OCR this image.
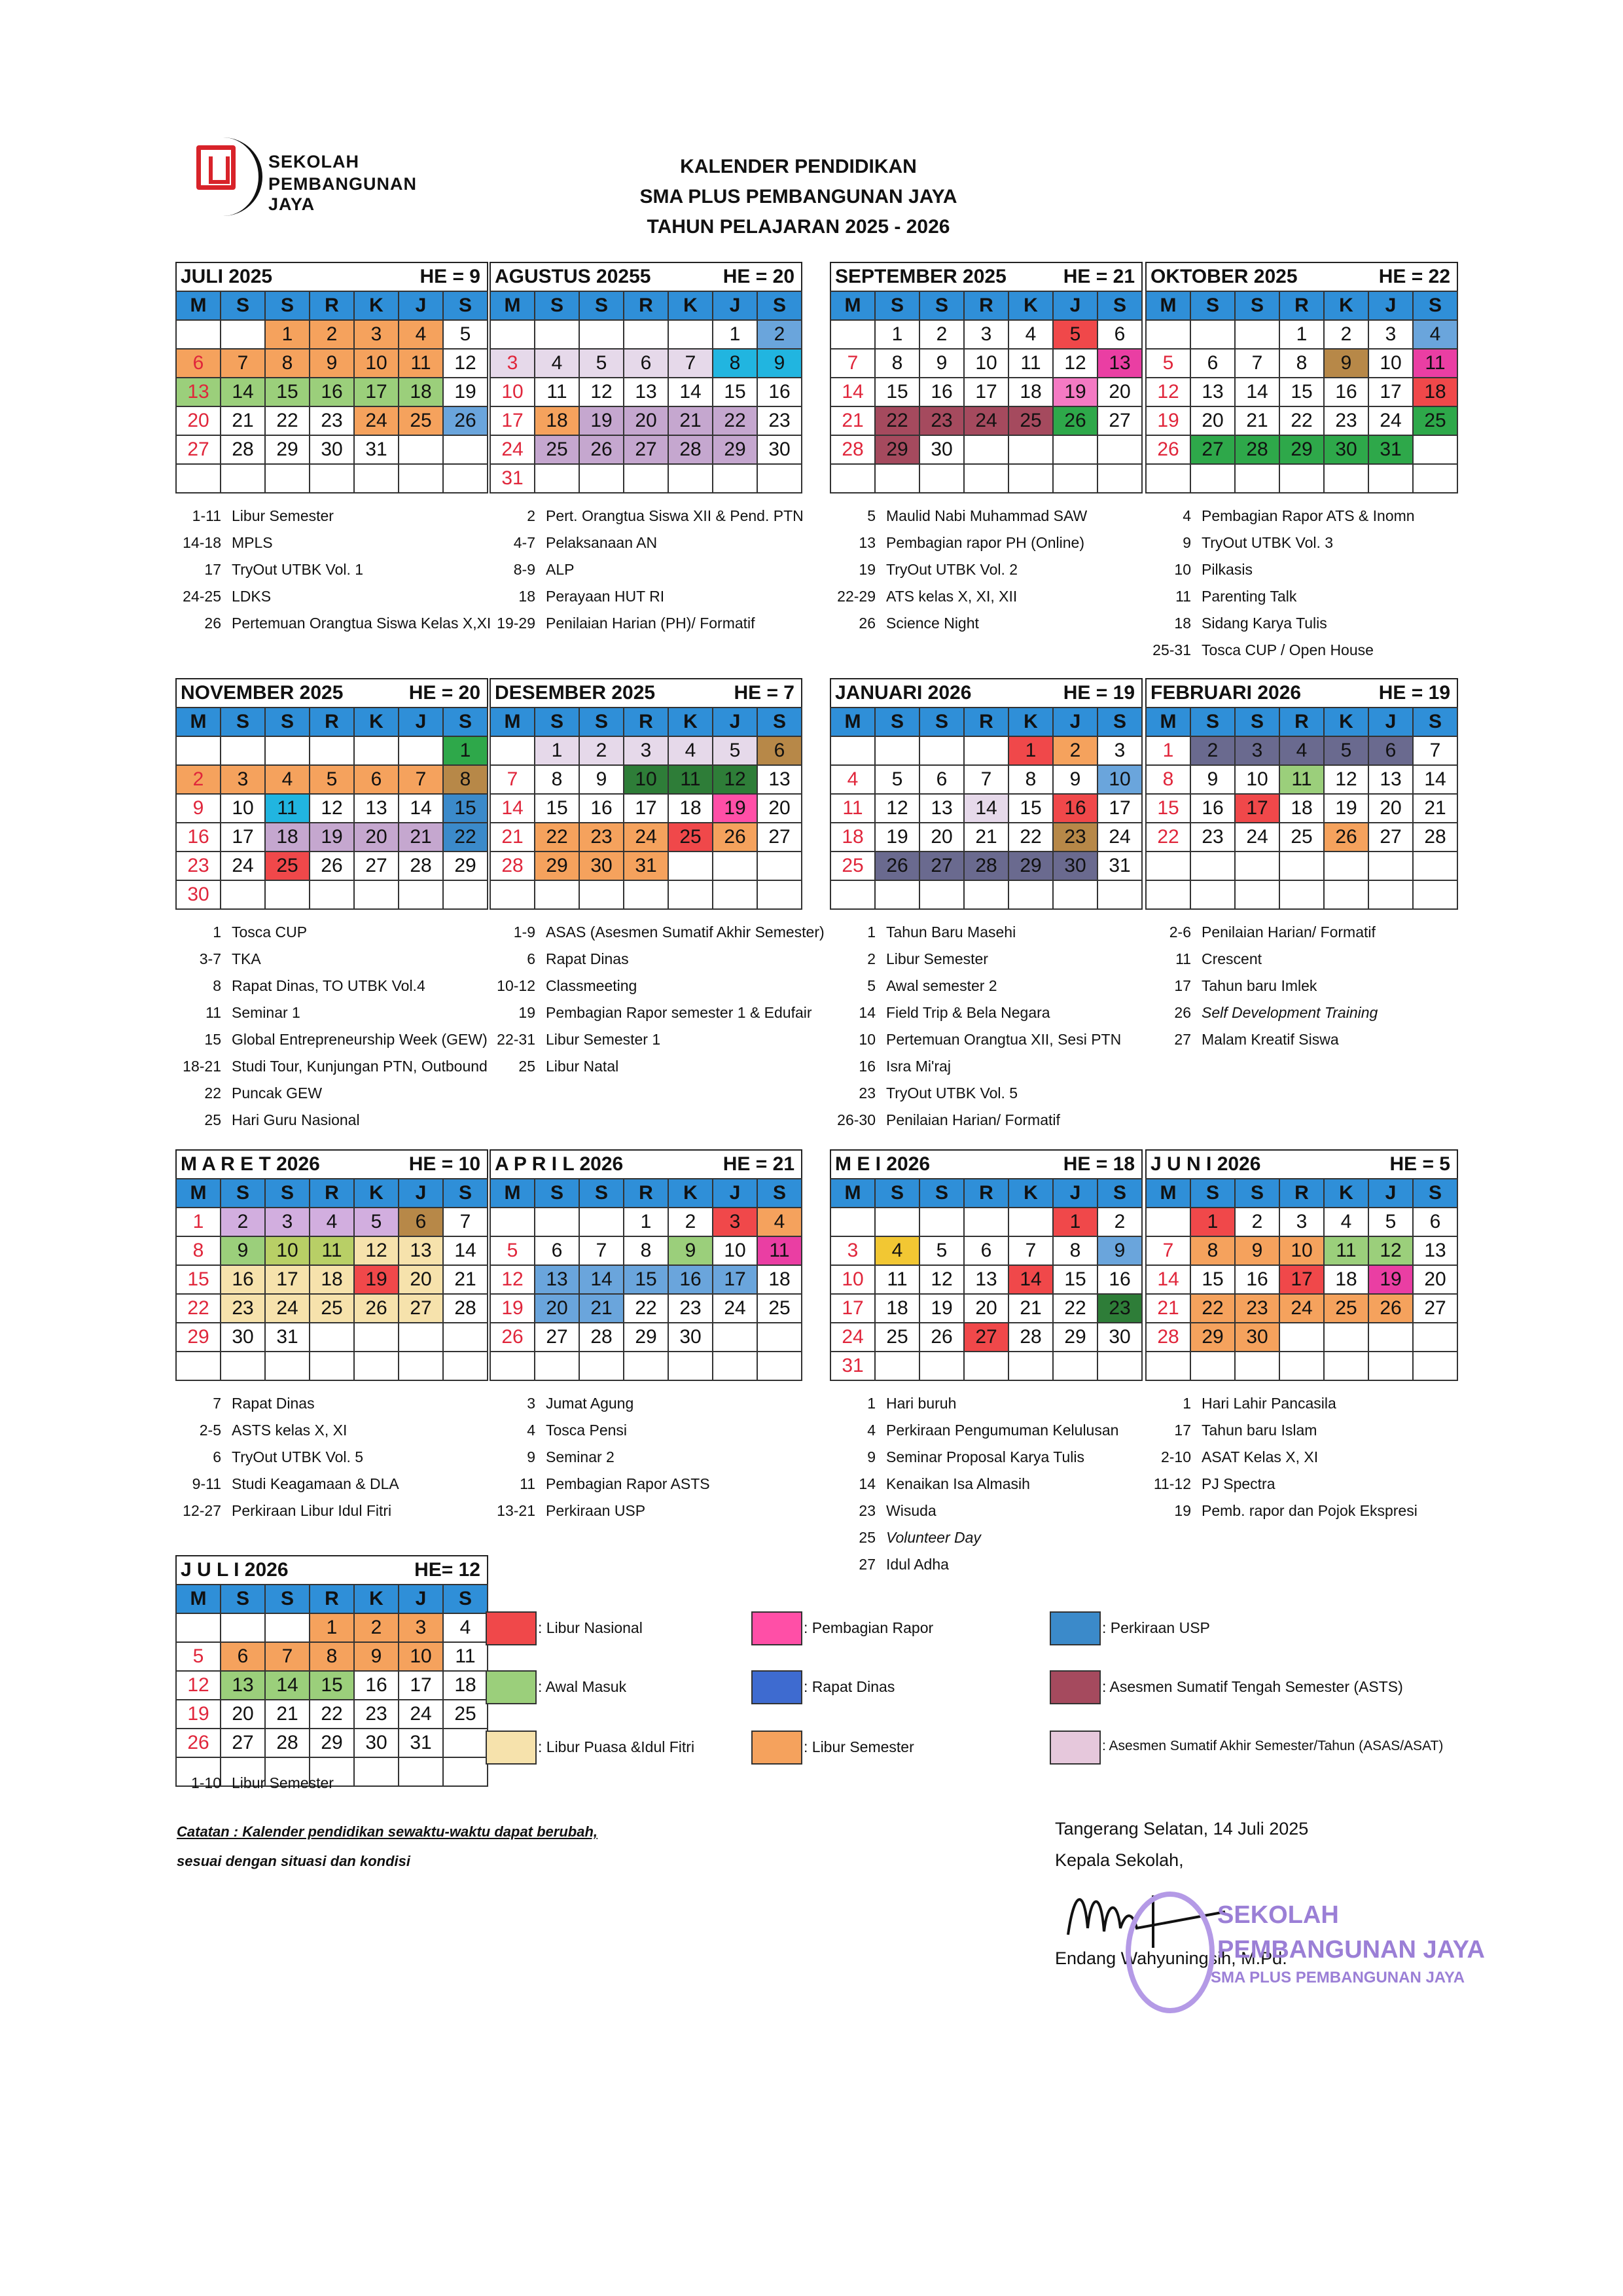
SEKOLAH
PEMBANGUNAN JAYA
KALENDER PENDIDIKAN
SMA PLUS PEMBANGUNAN JAYA
TAHUN PELAJARAN 2025 - 2026
JULI 2025	HE = 9
M	S	S	R	K	J	S
		1	2	3	4	5
6	7	8	9	10	11	12
13	14	15	16	17	18	19
20	21	22	23	24	25	26
27	28	29	30	31		

AGUSTUS 20255	HE = 20
M	S	S	R	K	J	S
					1	2
3	4	5	6	7	8	9
10	11	12	13	14	15	16
17	18	19	20	21	22	23
24	25	26	27	28	29	30
31						
SEPTEMBER 2025	HE = 21
M	S	S	R	K	J	S
	1	2	3	4	5	6
7	8	9	10	11	12	13
14	15	16	17	18	19	20
21	22	23	24	25	26	27
28	29	30				

OKTOBER 2025	HE = 22
M	S	S	R	K	J	S
			1	2	3	4
5	6	7	8	9	10	11
12	13	14	15	16	17	18
19	20	21	22	23	24	25
26	27	28	29	30	31	

NOVEMBER 2025	HE = 20
M	S	S	R	K	J	S
						1
2	3	4	5	6	7	8
9	10	11	12	13	14	15
16	17	18	19	20	21	22
23	24	25	26	27	28	29
30						
DESEMBER 2025	HE = 7
M	S	S	R	K	J	S
	1	2	3	4	5	6
7	8	9	10	11	12	13
14	15	16	17	18	19	20
21	22	23	24	25	26	27
28	29	30	31			

JANUARI 2026	HE = 19
M	S	S	R	K	J	S
				1	2	3
4	5	6	7	8	9	10
11	12	13	14	15	16	17
18	19	20	21	22	23	24
25	26	27	28	29	30	31

FEBRUARI 2026	HE = 19
M	S	S	R	K	J	S
1	2	3	4	5	6	7
8	9	10	11	12	13	14
15	16	17	18	19	20	21
22	23	24	25	26	27	28

M A R E T 2026	HE = 10
M	S	S	R	K	J	S
1	2	3	4	5	6	7
8	9	10	11	12	13	14
15	16	17	18	19	20	21
22	23	24	25	26	27	28
29	30	31				

A P R I L 2026	HE = 21
M	S	S	R	K	J	S
			1	2	3	4
5	6	7	8	9	10	11
12	13	14	15	16	17	18
19	20	21	22	23	24	25
26	27	28	29	30		

M E I 2026	HE = 18
M	S	S	R	K	J	S
					1	2
3	4	5	6	7	8	9
10	11	12	13	14	15	16
17	18	19	20	21	22	23
24	25	26	27	28	29	30
31						
J U N I 2026	HE = 5
M	S	S	R	K	J	S
	1	2	3	4	5	6
7	8	9	10	11	12	13
14	15	16	17	18	19	20
21	22	23	24	25	26	27
28	29	30				

J U L I 2026	HE= 12
M	S	S	R	K	J	S
			1	2	3	4
5	6	7	8	9	10	11
12	13	14	15	16	17	18
19	20	21	22	23	24	25
26	27	28	29	30	31	

: Libur Nasional	: Pembagian Rapor	: Perkiraan USP
: Awal Masuk	: Rapat Dinas	: Asesmen Sumatif Tengah Semester (ASTS)
: Libur Puasa &Idul Fitri	: Libur Semester	: Asesmen Sumatif Akhir Semester/Tahun (ASAS/ASAT)
Catatan : Kalender pendidikan sewaktu-waktu dapat berubah,
sesuai dengan situasi dan kondisi
Tangerang Selatan, 14 Juli 2025
Kepala Sekolah,
Endang Wahyuningsih, M.Pd.
SEKOLAH
PEMBANGUNAN JAYA
SMA PLUS PEMBANGUNAN JAYA
1-11 Libur Semester
14-18 MPLS
17 TryOut UTBK Vol. 1
24-25 LDKS
26 Pertemuan Orangtua Siswa Kelas X,XI
2 Pert. Orangtua Siswa XII & Pend. PTN
4-7 Pelaksanaan AN
8-9 ALP
18 Perayaan HUT RI
19-29 Penilaian Harian (PH)/ Formatif
5 Maulid Nabi Muhammad SAW
13 Pembagian rapor PH (Online)
19 TryOut UTBK Vol. 2
22-29 ATS kelas X, XI, XII
26 Science Night
4 Pembagian Rapor ATS & Inomn
9 TryOut UTBK Vol. 3
10 Pilkasis
11 Parenting Talk
18 Sidang Karya Tulis
25-31 Tosca CUP / Open House
1 Tosca CUP
3-7 TKA
8 Rapat Dinas, TO UTBK Vol.4
11 Seminar 1
15 Global Entrepreneurship Week (GEW)
18-21 Studi Tour, Kunjungan PTN, Outbound
22 Puncak GEW
25 Hari Guru Nasional
1-9 ASAS (Asesmen Sumatif Akhir Semester)
6 Rapat Dinas
10-12 Classmeeting
19 Pembagian Rapor semester 1 & Edufair
22-31 Libur Semester 1
25 Libur Natal
1 Tahun Baru Masehi
2 Libur Semester
5 Awal semester 2
14 Field Trip & Bela Negara
10 Pertemuan Orangtua XII, Sesi PTN
16 Isra Mi'raj
23 TryOut UTBK Vol. 5
26-30 Penilaian Harian/ Formatif
2-6 Penilaian Harian/ Formatif
11 Crescent
17 Tahun baru Imlek
26 Self Development Training
27 Malam Kreatif Siswa
7 Rapat Dinas
2-5 ASTS kelas X, XI
6 TryOut UTBK Vol. 5
9-11 Studi Keagamaan & DLA
12-27 Perkiraan Libur Idul Fitri
3 Jumat Agung
4 Tosca Pensi
9 Seminar 2
11 Pembagian Rapor ASTS
13-21 Perkiraan USP
1 Hari buruh
4 Perkiraan Pengumuman Kelulusan
9 Seminar Proposal Karya Tulis
14 Kenaikan Isa Almasih
23 Wisuda
25 Volunteer Day
27 Idul Adha
1 Hari Lahir Pancasila
17 Tahun baru Islam
2-10 ASAT Kelas X, XI
11-12 PJ Spectra
19 Pemb. rapor dan Pojok Ekspresi
1-10 Libur Semester
